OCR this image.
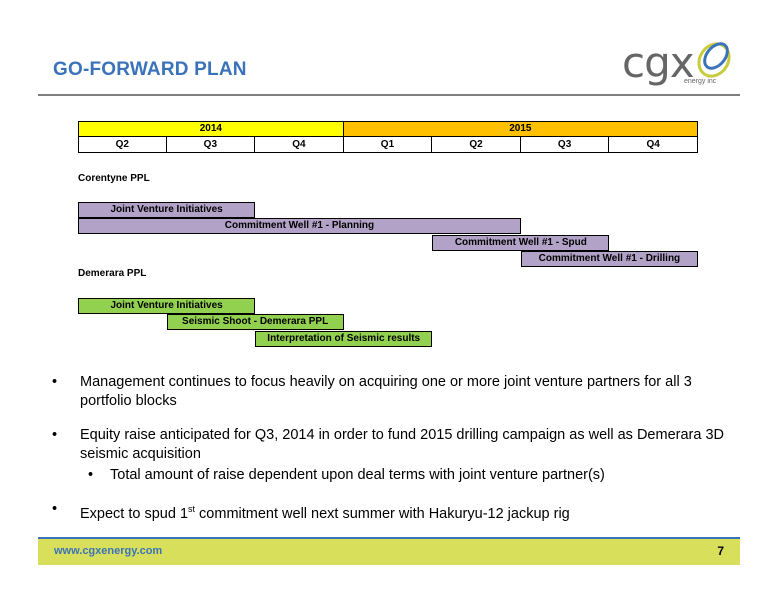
GO-FORWARD PLAN	cgx
energy inc
2014	2015
Q2	Q3	Q4	Q1	Q2	Q3	Q4
Corentyne PPL
Joint Venture Initiatives
Commitment Well #1 - Planning
Commitment Well #1 - Spud
Commitment Well #1 - Drilling
Demerara PPL
Joint Venture Initiatives
Seismic Shoot - Demerara PPL
Interpretation of Seismic results
• Management continues to focus heavily on acquiring one or more joint venture partners for all 3
portfolio blocks
• Equity raise anticipated for Q3, 2014 in order to fund 2015 drilling campaign as well as Demerara 3D
seismic acquisition
• Total amount of raise dependent upon deal terms with joint venture partner(s)
• Expect to spud 1st commitment well next summer with Hakuryu-12 jackup rig
www.cgxenergy.com	7
